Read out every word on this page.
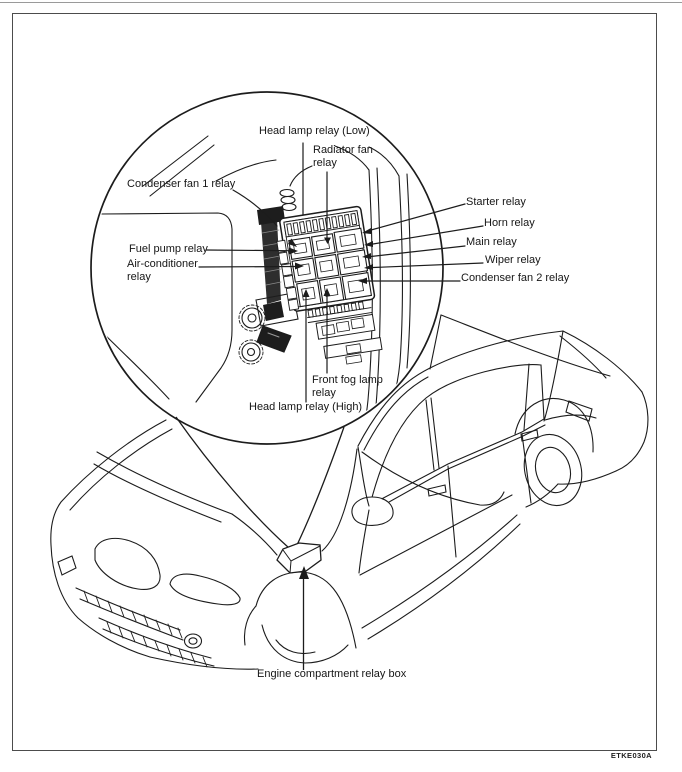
Head lamp relay (Low)
Radiator fan relay
Condenser fan 1 relay
Fuel pump relay
Air-conditioner relay
Starter relay
Horn relay
Main relay
Wiper relay
Condenser fan 2 relay
Front fog lamp relay
Head lamp relay (High)
Engine compartment relay box
ETKE030A
